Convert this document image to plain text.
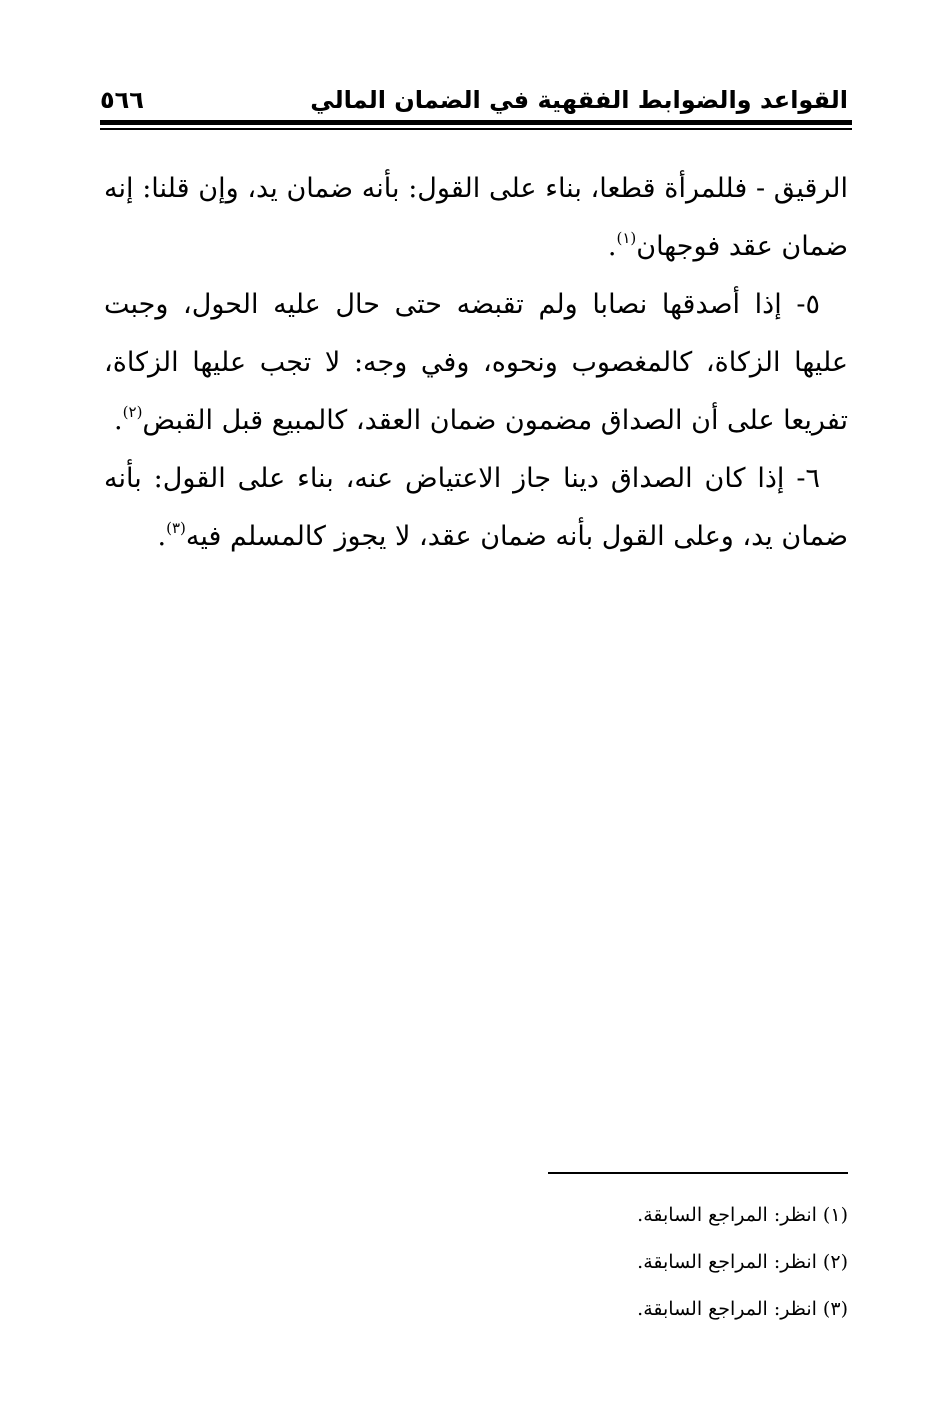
القواعد والضوابط الفقهية في الضمان المالي
٥٦٦

الرقيق - فللمرأة قطعا، بناء على القول: بأنه ضمان يد، وإن قلنا: إنه ضمان عقد فوجهان$^{(١)}$.

٥- إذا أصدقها نصابا ولم تقبضه حتى حال عليه الحول، وجبت عليها الزكاة، كالمغصوب ونحوه، وفي وجه: لا تجب عليها الزكاة، تفريعا على أن الصداق مضمون ضمان العقد، كالمبيع قبل القبض$^{(٢)}$.

٦- إذا كان الصداق دينا جاز الاعتياض عنه، بناء على القول: بأنه ضمان يد، وعلى القول بأنه ضمان عقد، لا يجوز كالمسلم فيه$^{(٣)}$.

(١) انظر: المراجع السابقة.

(٢) انظر: المراجع السابقة.

(٣) انظر: المراجع السابقة.
